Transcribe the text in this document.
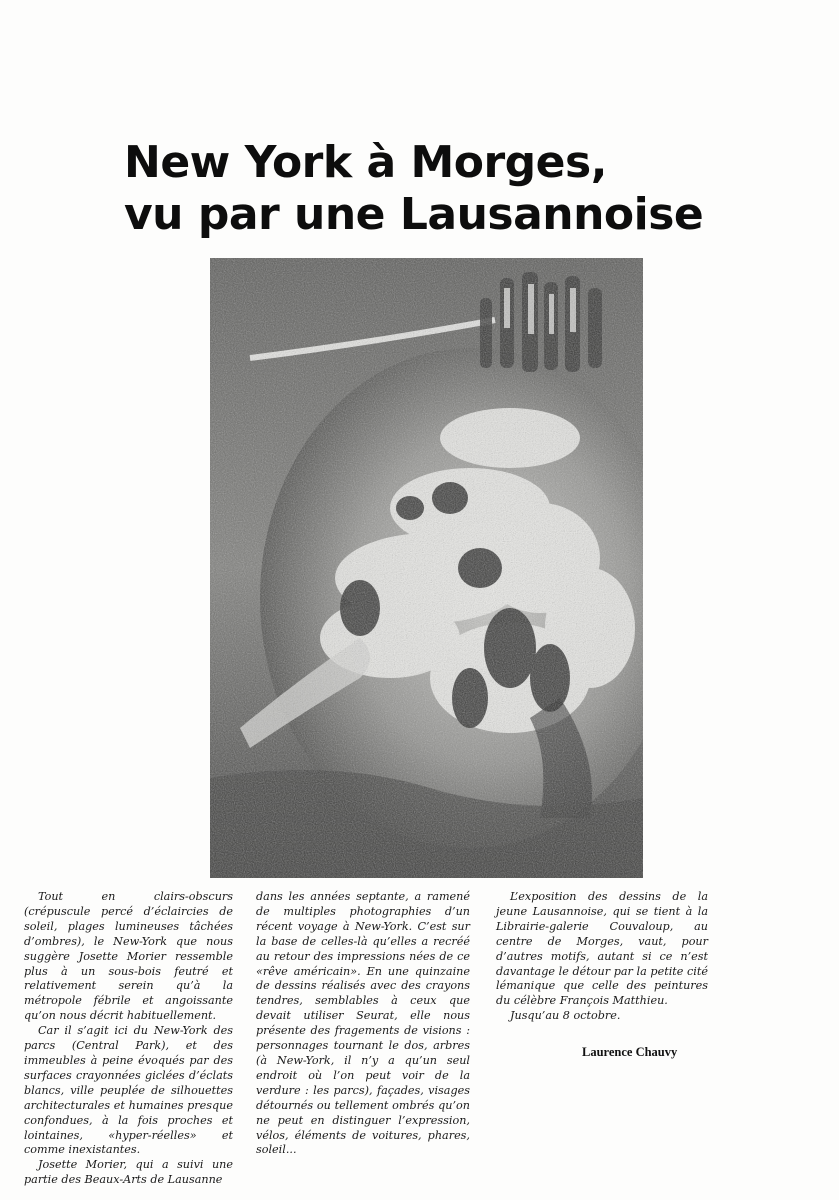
New York à Morges,
vu par une Lausannoise

Tout en clairs-obscurs (crépuscule percé d’éclaircies de soleil, plages lumineuses tâchées d’ombres), le New-York que nous suggère Josette Morier ressemble plus à un sous-bois feutré et relativement serein qu’à la métropole fébrile et angoissante qu’on nous décrit habituellement.

Car il s’agit ici du New-York des parcs (Central Park), et des immeubles à peine évoqués par des surfaces crayonnées giclées d’éclats blancs, ville peuplée de silhouettes architecturales et humaines presque confondues, à la fois proches et lointaines, «hyper-réelles» et comme inexistantes.

Josette Morier, qui a suivi une partie des Beaux-Arts de Lausanne

dans les années septante, a ramené de multiples photographies d’un récent voyage à New-York. C’est sur la base de celles-là qu’elles a recréé au retour des impressions nées de ce «rêve américain». En une quinzaine de dessins réalisés avec des crayons tendres, semblables à ceux que devait utiliser Seurat, elle nous présente des fragements de visions : personnages tournant le dos, arbres (à New-York, il n’y a qu’un seul endroit où l’on peut voir de la verdure : les parcs), façades, visages détournés ou tellement ombrés qu’on ne peut en distinguer l’expression, vélos, éléments de voitures, phares, soleil...

L’exposition des dessins de la jeune Lausannoise, qui se tient à la Librairie-galerie Couvaloup, au centre de Morges, vaut, pour d’autres motifs, autant si ce n’est davantage le détour par la petite cité lémanique que celle des peintures du célèbre François Matthieu.

Jusqu’au 8 octobre.

Laurence Chauvy
